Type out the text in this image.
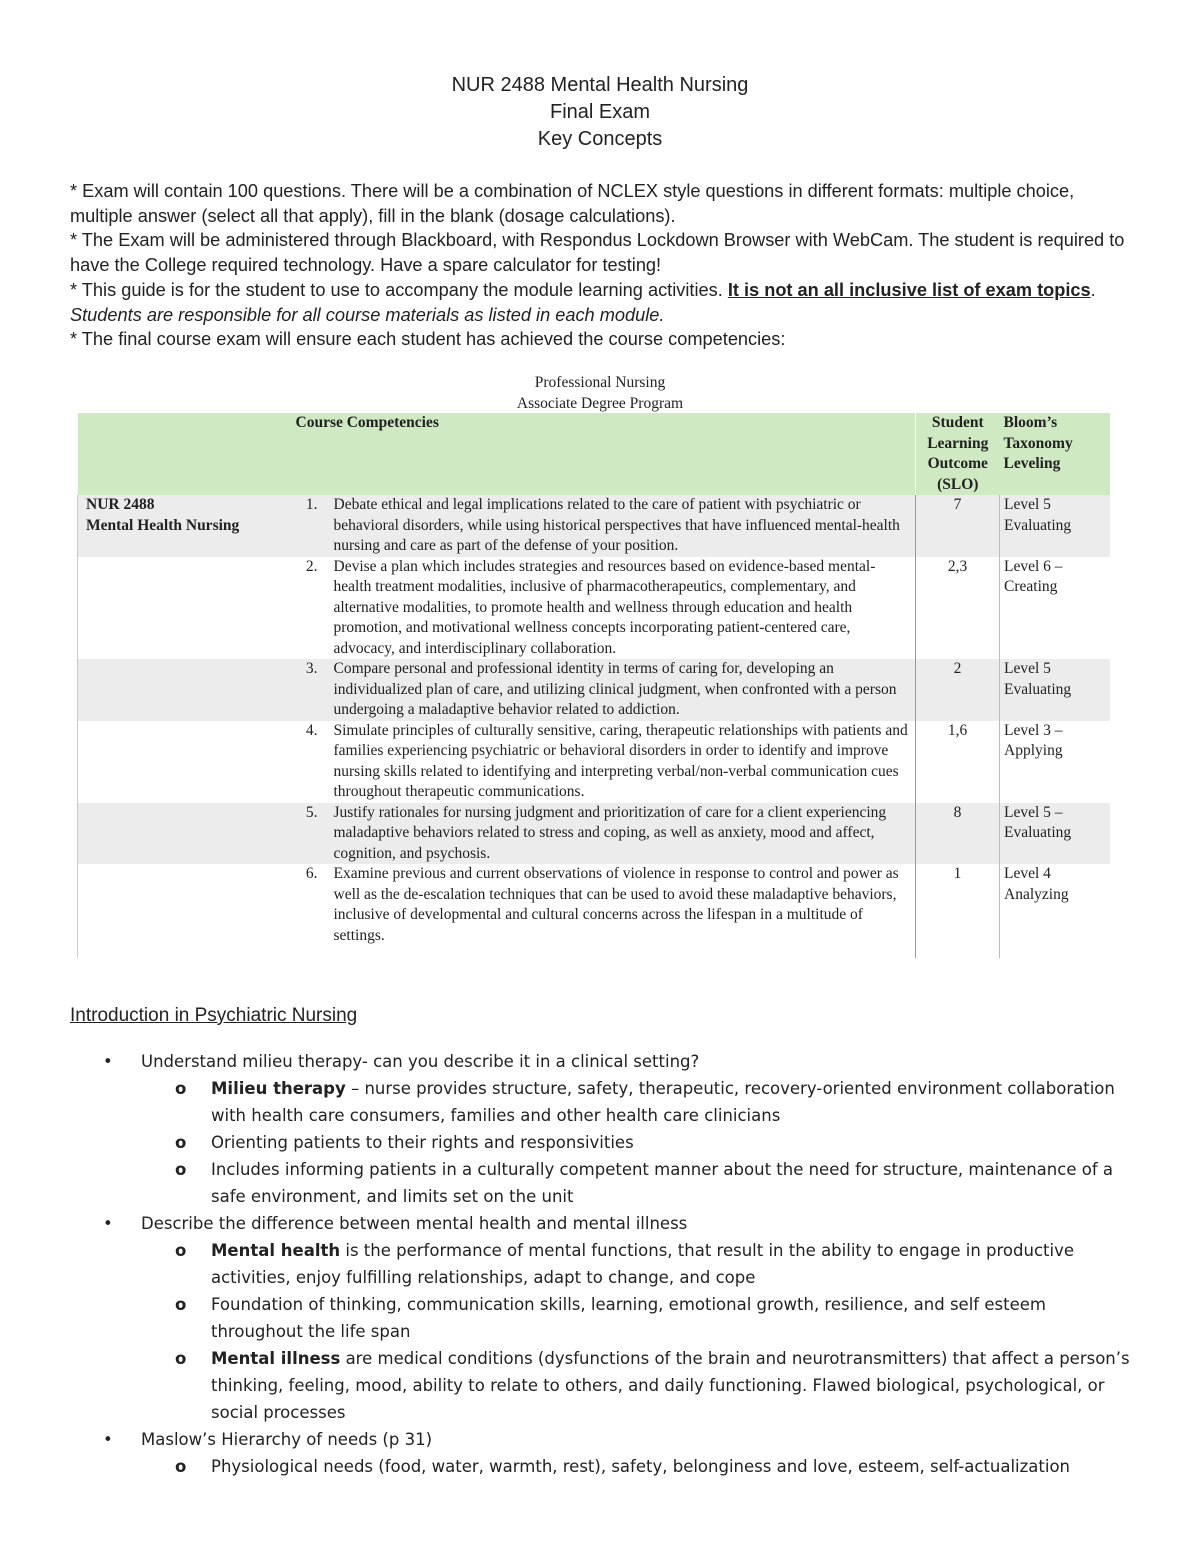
NUR 2488 Mental Health Nursing
Final Exam
Key Concepts

* Exam will contain 100 questions. There will be a combination of NCLEX style questions in different formats: multiple choice, multiple answer (select all that apply), fill in the blank (dosage calculations).

* The Exam will be administered through Blackboard, with Respondus Lockdown Browser with WebCam. The student is required to have the College required technology. Have a spare calculator for testing!

* This guide is for the student to use to accompany the module learning activities. It is not an all inclusive list of exam topics. Students are responsible for all course materials as listed in each module.

* The final course exam will ensure each student has achieved the course competencies:

Professional Nursing
Associate Degree Program
	Course Competencies		Student Learning Outcome (SLO)	Bloom’s Taxonomy Leveling

NUR 2488
Mental Health Nursing	1.	Debate ethical and legal implications related to the care of patient with psychiatric or behavioral disorders, while using historical perspectives that have influenced mental-health nursing and care as part of the defense of your position.	7	Level 5 Evaluating
	2.	Devise a plan which includes strategies and resources based on evidence-based mental-health treatment modalities, inclusive of pharmacotherapeutics, complementary, and alternative modalities, to promote health and wellness through education and health promotion, and motivational wellness concepts incorporating patient-centered care, advocacy, and interdisciplinary collaboration.	2,3	Level 6 – Creating
	3.	Compare personal and professional identity in terms of caring for, developing an individualized plan of care, and utilizing clinical judgment, when confronted with a person undergoing a maladaptive behavior related to addiction.	2	Level 5 Evaluating
	4.	Simulate principles of culturally sensitive, caring, therapeutic relationships with patients and families experiencing psychiatric or behavioral disorders in order to identify and improve nursing skills related to identifying and interpreting verbal/non-verbal communication cues throughout therapeutic communications.	1,6	Level 3 – Applying
	5.	Justify rationales for nursing judgment and prioritization of care for a client experiencing maladaptive behaviors related to stress and coping, as well as anxiety, mood and affect, cognition, and psychosis.	8	Level 5 – Evaluating
	6.	Examine previous and current observations of violence in response to control and power as well as the de-escalation techniques that can be used to avoid these maladaptive behaviors, inclusive of developmental and cultural concerns across the lifespan in a multitude of settings.	1	Level 4 Analyzing
Introduction in Psychiatric Nursing
• Understand milieu therapy- can you describe it in a clinical setting?
o Milieu therapy – nurse provides structure, safety, therapeutic, recovery-oriented environment collaboration with health care consumers, families and other health care clinicians
o Orienting patients to their rights and responsivities
o Includes informing patients in a culturally competent manner about the need for structure, maintenance of a safe environment, and limits set on the unit
• Describe the difference between mental health and mental illness
o Mental health is the performance of mental functions, that result in the ability to engage in productive activities, enjoy fulfilling relationships, adapt to change, and cope
o Foundation of thinking, communication skills, learning, emotional growth, resilience, and self esteem throughout the life span
o Mental illness are medical conditions (dysfunctions of the brain and neurotransmitters) that affect a person’s thinking, feeling, mood, ability to relate to others, and daily functioning. Flawed biological, psychological, or social processes
• Maslow’s Hierarchy of needs (p 31)
o Physiological needs (food, water, warmth, rest), safety, belonginess and love, esteem, self-actualization
